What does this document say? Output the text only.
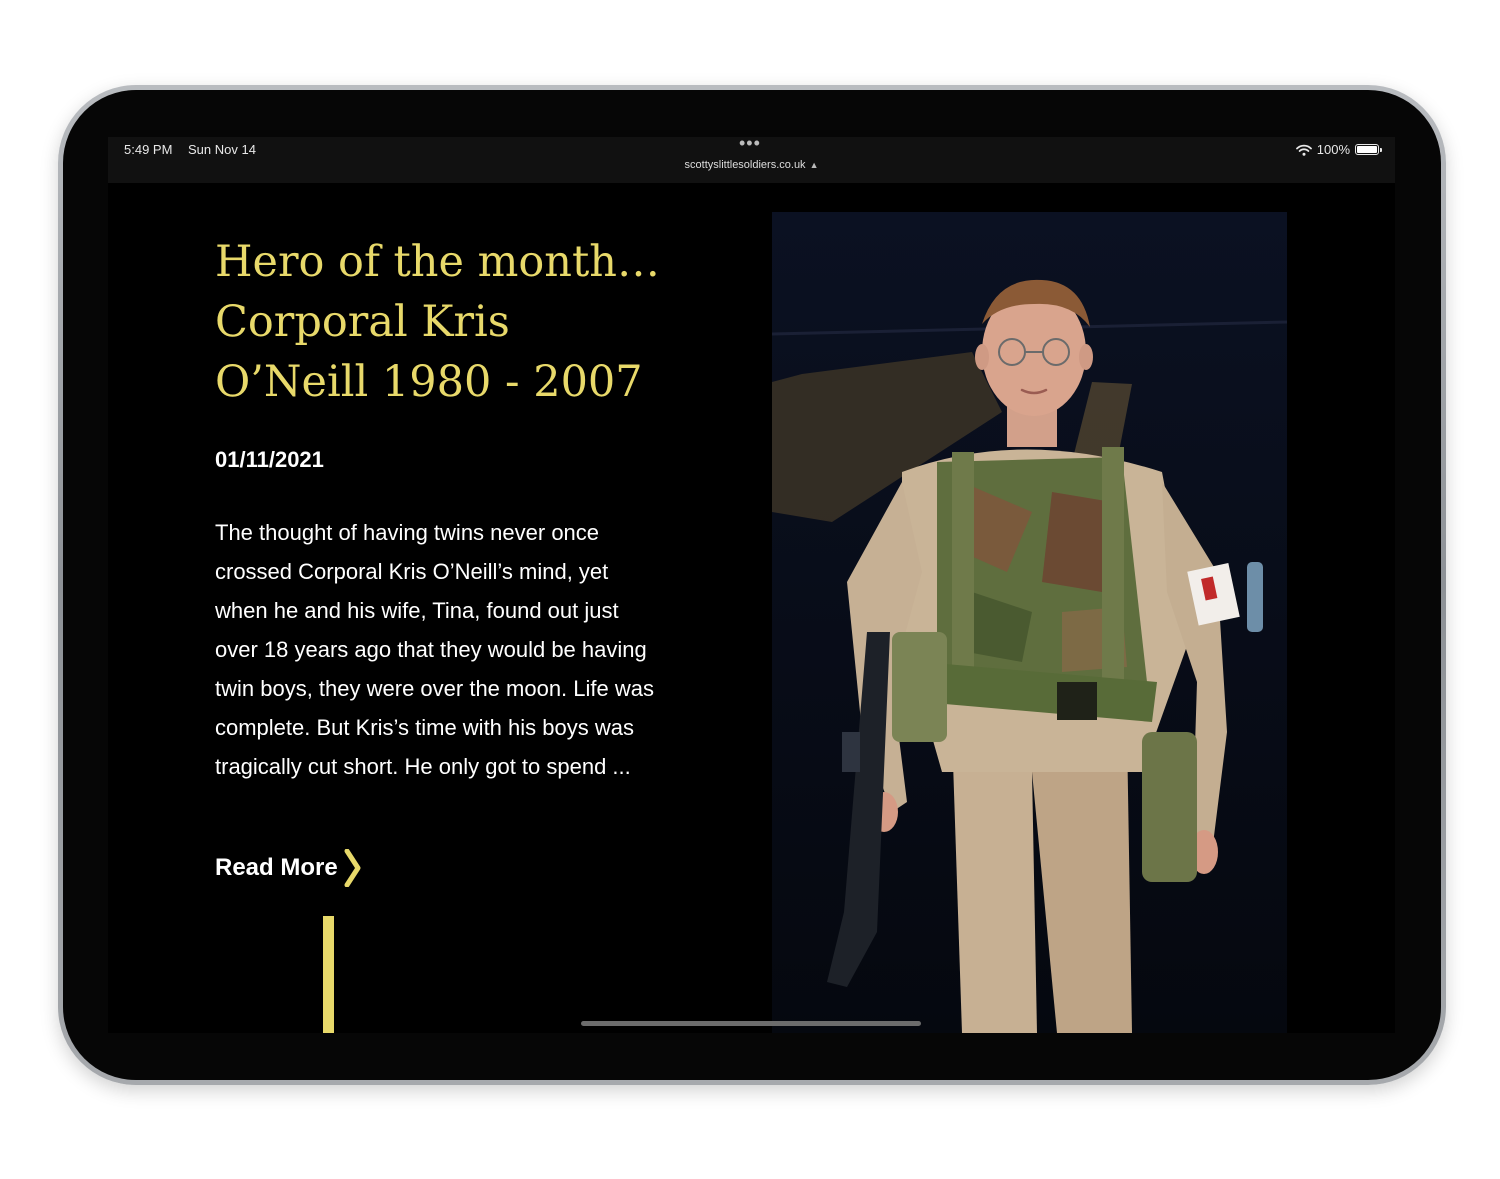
5:49 PM Sun Nov 14	•••
scottyslittlesoldiers.co.uk ▲
100%
Hero of the month…
Corporal Kris
O’Neill 1980 - 2007
01/11/2021

The thought of having twins never once crossed Corporal Kris O’Neill’s mind, yet when he and his wife, Tina, found out just over 18 years ago that they would be having twin boys, they were over the moon. Life was complete. But Kris’s time with his boys was tragically cut short. He only got to spend ...

Read More
